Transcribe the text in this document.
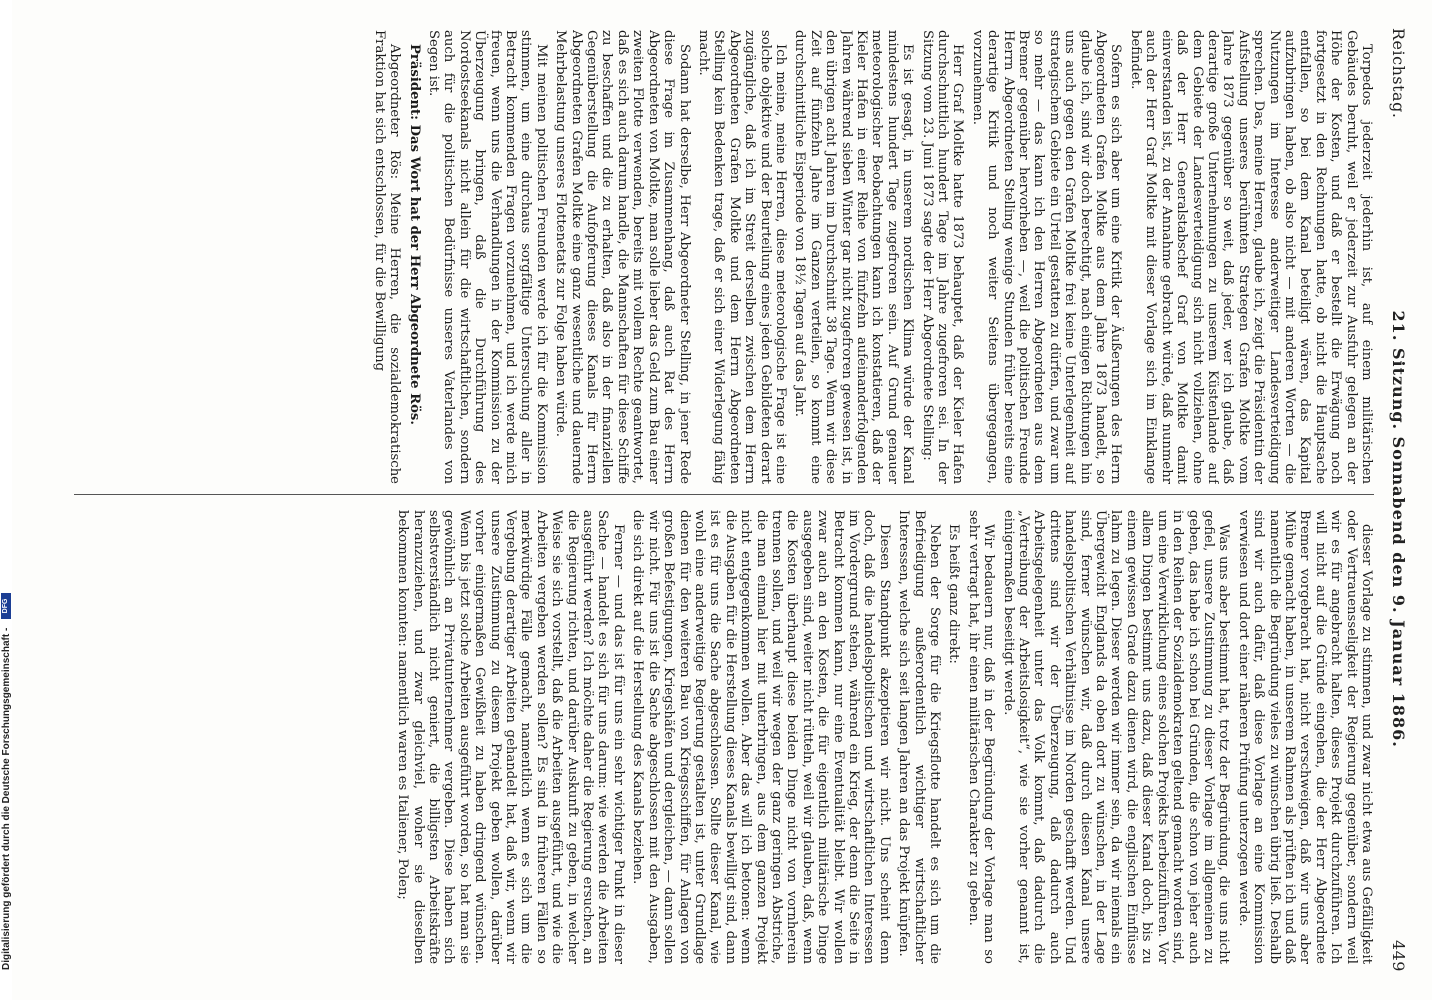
Digitalisierung gefördert durch die Deutsche Forschungsgemeinschaft - DFG
Reichstag.
21. Sitzung. Sonnabend den 9. Januar 1886.
449

Torpedos jederzeit jederhin ist, auf einem militärischen Gebäudes beruht, weil er jederzeit zur Ausfuhr gelegen an der Höhe der Kosten, und daß er bestellt die Erwägung noch fortgesetzt in den Rechnungen hatte, ob nicht die Hauptsache entfallen, so bei dem Kanal beteiligt wären, das Kapital aufzubringen haben, ob also nicht — mit anderen Worten — die Nutzungen im Interesse anderweitiger Landesverteidigung sprechen. Das, meine Herren, glaube ich, zeigt die Präsidentin der Aufstellung unseres berühmten Strategen Grafen Moltke vom Jahre 1873 gegenüber so weit, daß jeder, wer ich glaube, daß derartige große Unternehmungen zu unserem Küstenlande auf dem Gebiete der Landesverteidigung sich nicht vollziehen, ohne daß der Herr Generalstabschef Graf von Moltke damit einverstanden ist, zu der Annahme gebracht würde, daß nunmehr auch der Herr Graf Moltke mit dieser Vorlage sich im Einklange befindet.

Sofern es sich aber um eine Kritik der Äußerungen des Herrn Abgeordneten Grafen Moltke aus dem Jahre 1873 handelt, so glaube ich, sind wir doch berechtigt, nach einigen Richtungen hin uns auch gegen den Grafen Moltke frei keine Unterlegenheit auf strategischem Gebiete ein Urteil gestatten zu dürfen, und zwar um so mehr — das kann ich den Herren Abgeordneten aus dem Bremer gegenüber hervorheben —, weil die politischen Freunde Herrn Abgeordneten Stelling wenige Stunden früher bereits eine derartige Kritik und noch weiter Seitens übergegangen, vorzunehmen.

Herr Graf Moltke hatte 1873 behauptet, daß der Kieler Hafen durchschnittlich hundert Tage im Jahre zugefroren sei. In der Sitzung vom 23. Juni 1873 sagte der Herr Abgeordnete Stelling:

Es ist gesagt, in unserem nordischen Klima würde der Kanal mindestens hundert Tage zugefroren sein. Auf Grund genauer meteorologischer Beobachtungen kann ich konstatieren, daß der Kieler Hafen in einer Reihe von fünfzehn aufeinanderfolgenden Jahren während sieben Winter gar nicht zugefroren gewesen ist, in den übrigen acht Jahren im Durchschnitt 38 Tage. Wenn wir diese Zeit auf fünfzehn Jahre im Ganzen verteilen, so kommt eine durchschnittliche Eisperiode von 18½ Tagen auf das Jahr.

Ich meine, meine Herren, diese meteorologische Frage ist eine solche objektive und der Beurteilung eines jeden Gebildeten derart zugängliche, daß ich im Streit derselben zwischen dem Herrn Abgeordneten Grafen Moltke und dem Herrn Abgeordneten Stelling kein Bedenken trage, daß er sich einer Widerlegung fähig macht.

Sodann hat derselbe, Herr Abgeordneter Stelling, in jener Rede diese Frage im Zusammenhang, daß auch Rat des Herrn Abgeordneten von Moltke, man solle lieber das Geld zum Bau einer zweiten Flotte verwenden, bereits mit vollem Rechte geantwortet, daß es sich auch darum handle, die Mannschaften für diese Schiffe zu beschaffen und die zu erhalten, daß also in der finanziellen Gegenüberstellung die Aufopferung dieses Kanals für Herrn Abgeordneten Grafen Moltke eine ganz wesentliche und dauernde Mehrbelastung unseres Flottenetats zur Folge haben würde.

Mit meinen politischen Freunden werde ich für die Kommission stimmen, um eine durchaus sorgfältige Untersuchung aller in Betracht kommenden Fragen vorzunehmen, und ich werde mich freuen, wenn uns die Verhandlungen in der Kommission zu der Überzeugung bringen, daß die Durchführung des Nordostseekanals nicht allein für die wirtschaftlichen, sondern auch für die politischen Bedürfnisse unseres Vaterlandes von Segen ist.

Präsident: Das Wort hat der Herr Abgeordnete Rös.

Abgeordneter Rös: Meine Herren, die sozialdemokratische Fraktion hat sich entschlossen, für die Bewilligung

dieser Vorlage zu stimmen, und zwar nicht etwa aus Gefälligkeit oder Vertrauensseligkeit der Regierung gegenüber, sondern weil wir es für angebracht halten, dieses Projekt durchzuführen. Ich will nicht auf die Gründe eingehen, die der Herr Abgeordnete Bremer vorgebracht hat, nicht verschweigen, daß wir uns aber Mühe gemacht haben, in unserem Rahmen als prüften ich und daß namentlich die Begründung vieles zu wünschen übrig ließ. Deshalb sind wir auch dafür, daß diese Vorlage an eine Kommission verwiesen und dort einer näheren Prüfung unterzogen werde.

Was uns aber bestimmt hat, trotz der Begründung, die uns nicht gefiel, unsere Zustimmung zu dieser Vorlage im allgemeinen zu geben, das habe ich schon bei Gründen, die schon von jeher auch in den Reihen der Sozialdemokraten geltend gemacht worden sind, um eine Verwirklichung eines solchen Projekts herbeizuführen. Vor allem Dingen bestimmt uns dazu, daß dieser Kanal doch, bis zu einem gewissen Grade dazu dienen wird, die englischen Einflüsse lahm zu legen. Dieser werden wir immer sein, da wir niemals ein Übergewicht Englands da oben dort zu wünschen, in der Lage sind, ferner wünschen wir, daß durch diesen Kanal unsere handelspolitischen Verhältnisse im Norden geschafft werden. Und drittens sind wir der Überzeugung, daß dadurch auch Arbeitsgelegenheit unter das Volk kommt, daß dadurch die „Vertreibung der Arbeitslosigkeit“, wie sie vorher genannt ist, einigermaßen beseitigt werde.

Wir bedauern nur, daß in der Begründung der Vorlage man so sehr vertragt hat, ihr einen militärischen Charakter zu geben.

Es heißt ganz direkt:

Neben der Sorge für die Kriegsflotte handelt es sich um die Befriedigung außerordentlich wichtiger wirtschaftlicher Interessen, welche sich seit langen Jahren an das Projekt knüpfen.

Diesen Standpunkt akzeptieren wir nicht. Uns scheint denn doch, daß die handelspolitischen und wirtschaftlichen Interessen im Vordergrund stehen, während ein Krieg, der denn die Seite in Betracht kommen kann, nur eine Eventualität bleibt. Wir wollen zwar auch an den Kosten, die für eigentlich militärische Dinge ausgegeben sind, weiter nicht rütteln, weil wir glauben, daß, wenn die Kosten überhaupt diese beiden Dinge nicht von vornherein trennen sollen, und weil wir wegen der ganz geringen Abstriche, die man einmal hier mit unterbringen, aus dem ganzen Projekt nicht entgegenkommen wollen. Aber das will ich betonen: wenn die Ausgaben für die Herstellung dieses Kanals bewilligt sind, dann ist es für uns die Sache abgeschlossen. Sollte dieser Kanal, wie wohl eine anderweitige Regierung gestalten ist, unter Grundlage dienen für den weiteren Bau von Kriegsschiffen, für Anlagen von großen Befestigungen, Kriegshäfen und dergleichen, — dann sollen wir nicht. Für uns ist die Sache abgeschlossen mit den Ausgaben, die sich direkt auf die Herstellung des Kanals beziehen.

Ferner — und das ist für uns ein sehr wichtiger Punkt in dieser Sache — handelt es sich für uns darum: wie werden die Arbeiten ausgeführt werden? Ich möchte daher die Regierung ersuchen, an die Regierung richten, und darüber Auskunft zu geben, in welcher Weise sie sich vorstellt, daß die Arbeiten ausgeführt, und wie die Arbeiten vergeben werden sollen? Es sind in früheren Fällen so merkwürdige Fälle gemacht, namentlich wenn es sich um die Vergebung derartiger Arbeiten gehandelt hat, daß wir, wenn wir unsere Zustimmung zu diesem Projekt geben wollen, darüber vorher einigermaßen Gewißheit zu haben dringend wünschen. Wenn bis jetzt solche Arbeiten ausgeführt worden, so hat man sie gewöhnlich an Privatunternehmer vergeben. Diese haben sich selbstverständlich nicht geniert, die billigsten Arbeitskräfte heranzuziehen, und zwar gleichviel, woher sie dieselben bekommen konnten: namentlich waren es Italiener, Polen;
